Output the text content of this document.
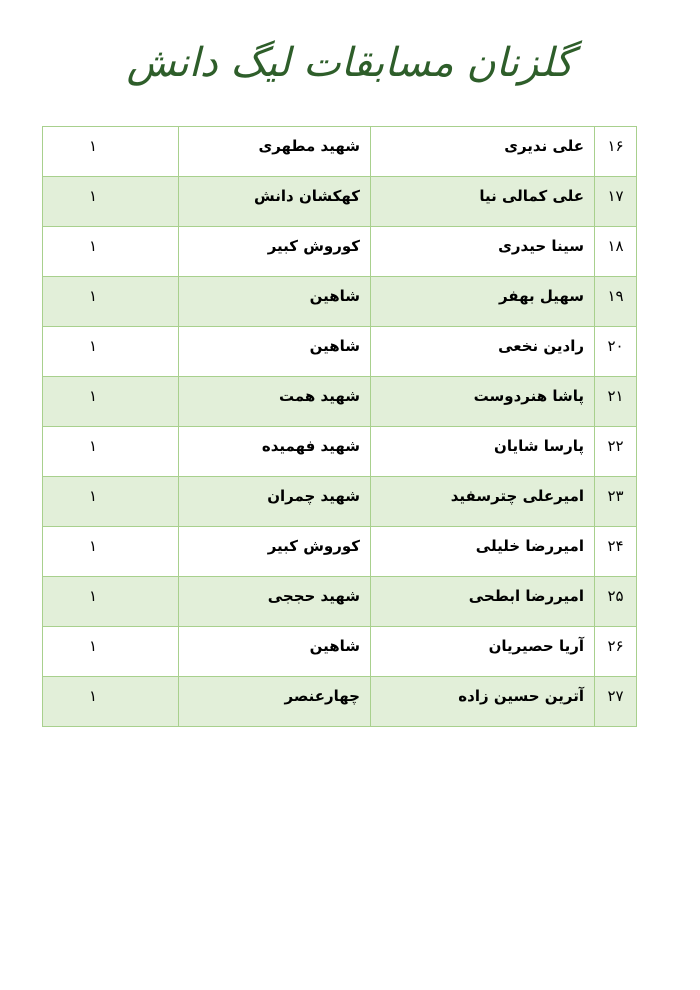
گلزنان مسابقات لیگ دانش
۱۶	علی ندیری	شهید مطهری	۱

۱۷	علی کمالی نیا	کهکشان دانش	۱

۱۸	سینا حیدری	کوروش کبیر	۱

۱۹	سهیل بهفر	شاهین	۱

۲۰	رادین نخعی	شاهین	۱

۲۱	پاشا هنردوست	شهید همت	۱

۲۲	پارسا شایان	شهید فهمیده	۱

۲۳	امیرعلی چترسفید	شهید چمران	۱

۲۴	امیررضا خلیلی	کوروش کبیر	۱

۲۵	امیررضا ابطحی	شهید حججی	۱

۲۶	آریا حصیریان	شاهین	۱

۲۷	آترین حسین زاده	چهارعنصر	۱
